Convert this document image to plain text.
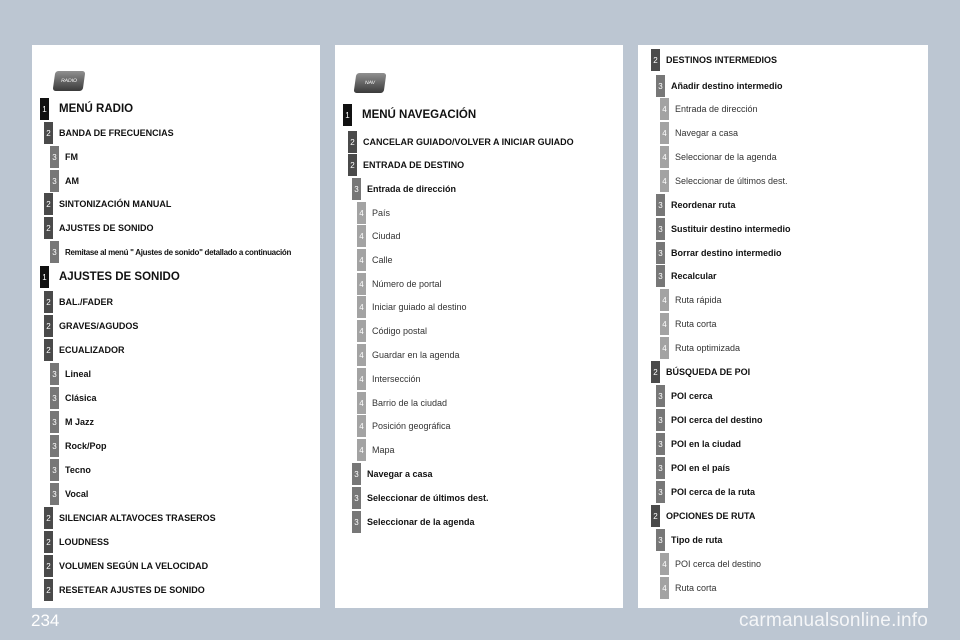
RADIO
1 MENÚ RADIO
2 BANDA DE FRECUENCIAS
3 FM
3 AM
2 SINTONIZACIÓN MANUAL
2 AJUSTES DE SONIDO
3 Remitase al menú " Ajustes de sonido" detallado a continuación
1 AJUSTES DE SONIDO
2 BAL./FADER
2 GRAVES/AGUDOS
2 ECUALIZADOR
3 Lineal
3 Clásica
3 M Jazz
3 Rock/Pop
3 Tecno
3 Vocal
2 SILENCIAR ALTAVOCES TRASEROS
2 LOUDNESS
2 VOLUMEN SEGÚN LA VELOCIDAD
2 RESETEAR AJUSTES DE SONIDO
NAV
1 MENÚ NAVEGACIÓN
2 CANCELAR GUIADO/VOLVER A INICIAR GUIADO
2 ENTRADA DE DESTINO
3 Entrada de dirección
4 País
4 Ciudad
4 Calle
4 Número de portal
4 Iniciar guiado al destino
4 Código postal
4 Guardar en la agenda
4 Intersección
4 Barrio de la ciudad
4 Posición geográfica
4 Mapa
3 Navegar a casa
3 Seleccionar de últimos dest.
3 Seleccionar de la agenda
2 DESTINOS INTERMEDIOS
3 Añadir destino intermedio
4 Entrada de dirección
4 Navegar a casa
4 Seleccionar de la agenda
4 Seleccionar de últimos dest.
3 Reordenar ruta
3 Sustituir destino intermedio
3 Borrar destino intermedio
3 Recalcular
4 Ruta rápida
4 Ruta corta
4 Ruta optimizada
2 BÚSQUEDA DE POI
3 POI cerca
3 POI cerca del destino
3 POI en la ciudad
3 POI en el país
3 POI cerca de la ruta
2 OPCIONES DE RUTA
3 Tipo de ruta
4 POI cerca del destino
4 Ruta corta
234	carmanualsonline.info
